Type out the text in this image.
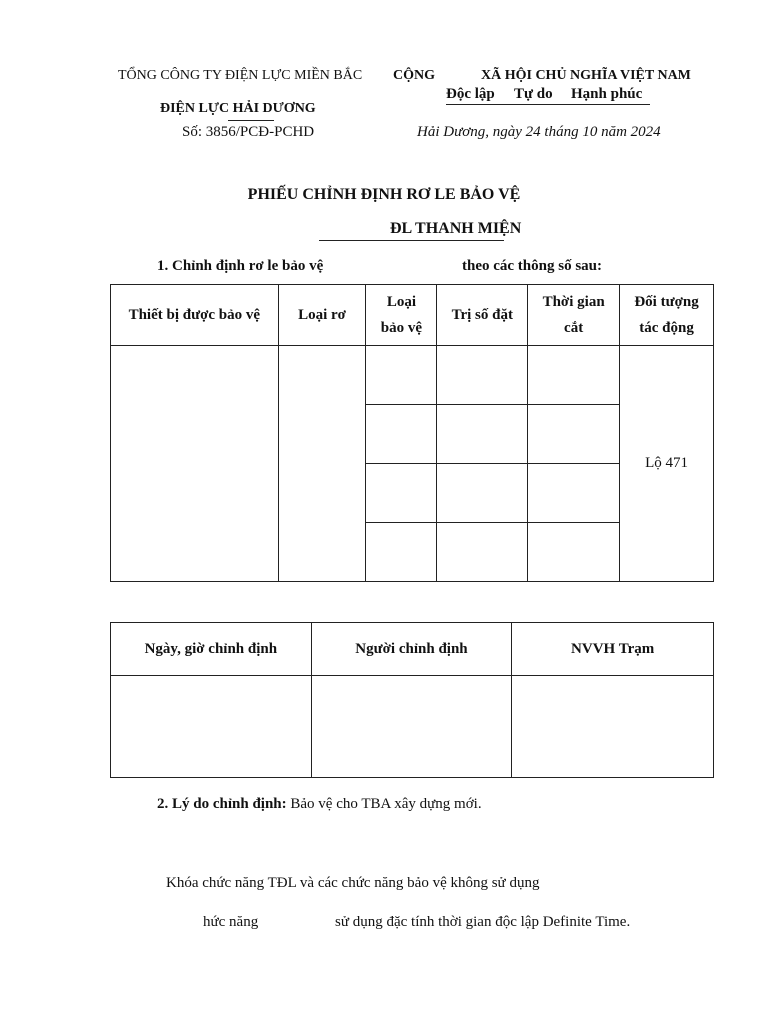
TỔNG CÔNG TY ĐIỆN LỰC MIỀN BẮC
ĐIỆN LỰC HẢI DƯƠNG
Số: 3856/PCĐ-PCHD
CỘNG	XÃ HỘI CHỦ NGHĨA VIỆT NAM
Độc lập Tự do Hạnh phúc
Hải Dương, ngày 24 tháng 10 năm 2024
PHIẾU CHỈNH ĐỊNH RƠ LE BẢO VỆ
ĐL THANH MIỆN
1. Chỉnh định rơ le bảo vệ	theo các thông số sau:
Thiết bị được bảo vệ	Loại rơ	Loại bảo vệ	Trị số đặt	Thời gian cắt	Đối tượng tác động
					Lộ 471

Ngày, giờ chỉnh định	Người chỉnh định	NVVH Trạm

2. Lý do chỉnh định: Bảo vệ cho TBA xây dựng mới.
Khóa chức năng TĐL và các chức năng bảo vệ không sử dụng
hức năng	sử dụng đặc tính thời gian độc lập Definite Time.
